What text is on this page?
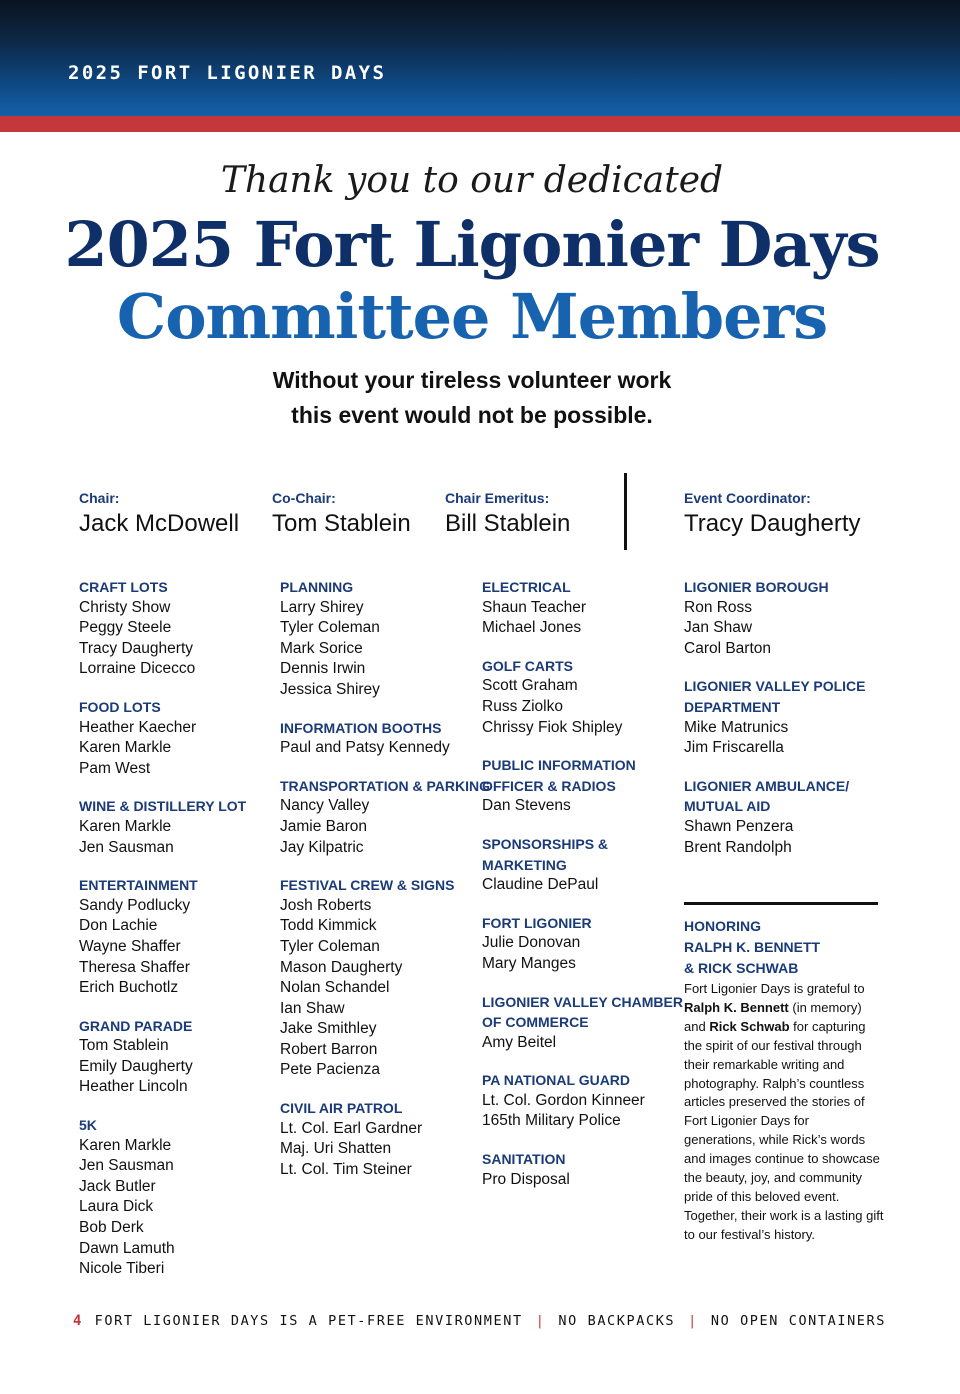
2025 FORT LIGONIER DAYS
Thank you to our dedicated
2025 Fort Ligonier Days
Committee Members
Without your tireless volunteer work
this event would not be possible.
Chair:
Jack McDowell
Co-Chair:
Tom Stablein
Chair Emeritus:
Bill Stablein
Event Coordinator:
Tracy Daugherty
CRAFT LOTS
Christy Show
Peggy Steele
Tracy Daugherty
Lorraine Dicecco
FOOD LOTS
Heather Kaecher
Karen Markle
Pam West
WINE & DISTILLERY LOT
Karen Markle
Jen Sausman
ENTERTAINMENT
Sandy Podlucky
Don Lachie
Wayne Shaffer
Theresa Shaffer
Erich Buchotlz
GRAND PARADE
Tom Stablein
Emily Daugherty
Heather Lincoln
5K
Karen Markle
Jen Sausman
Jack Butler
Laura Dick
Bob Derk
Dawn Lamuth
Nicole Tiberi
PLANNING
Larry Shirey
Tyler Coleman
Mark Sorice
Dennis Irwin
Jessica Shirey
INFORMATION BOOTHS
Paul and Patsy Kennedy
TRANSPORTATION & PARKING
Nancy Valley
Jamie Baron
Jay Kilpatric
FESTIVAL CREW & SIGNS
Josh Roberts
Todd Kimmick
Tyler Coleman
Mason Daugherty
Nolan Schandel
Ian Shaw
Jake Smithley
Robert Barron
Pete Pacienza
CIVIL AIR PATROL
Lt. Col. Earl Gardner
Maj. Uri Shatten
Lt. Col. Tim Steiner
ELECTRICAL
Shaun Teacher
Michael Jones
GOLF CARTS
Scott Graham
Russ Ziolko
Chrissy Fiok Shipley
PUBLIC INFORMATION
OFFICER & RADIOS
Dan Stevens
SPONSORSHIPS &
MARKETING
Claudine DePaul
FORT LIGONIER
Julie Donovan
Mary Manges
LIGONIER VALLEY CHAMBER
OF COMMERCE
Amy Beitel
PA NATIONAL GUARD
Lt. Col. Gordon Kinneer
165th Military Police
SANITATION
Pro Disposal
LIGONIER BOROUGH
Ron Ross
Jan Shaw
Carol Barton
LIGONIER VALLEY POLICE
DEPARTMENT
Mike Matrunics
Jim Friscarella
LIGONIER AMBULANCE/
MUTUAL AID
Shawn Penzera
Brent Randolph
HONORING
RALPH K. BENNETT
& RICK SCHWAB
Fort Ligonier Days is grateful to Ralph K. Bennett (in memory) and Rick Schwab for capturing the spirit of our festival through their remarkable writing and photography. Ralph’s countless articles preserved the stories of Fort Ligonier Days for generations, while Rick’s words and images continue to showcase the beauty, joy, and community pride of this beloved event. Together, their work is a lasting gift to our festival’s history.
4 FORT LIGONIER DAYS IS A PET-FREE ENVIRONMENT | NO BACKPACKS | NO OPEN CONTAINERS
